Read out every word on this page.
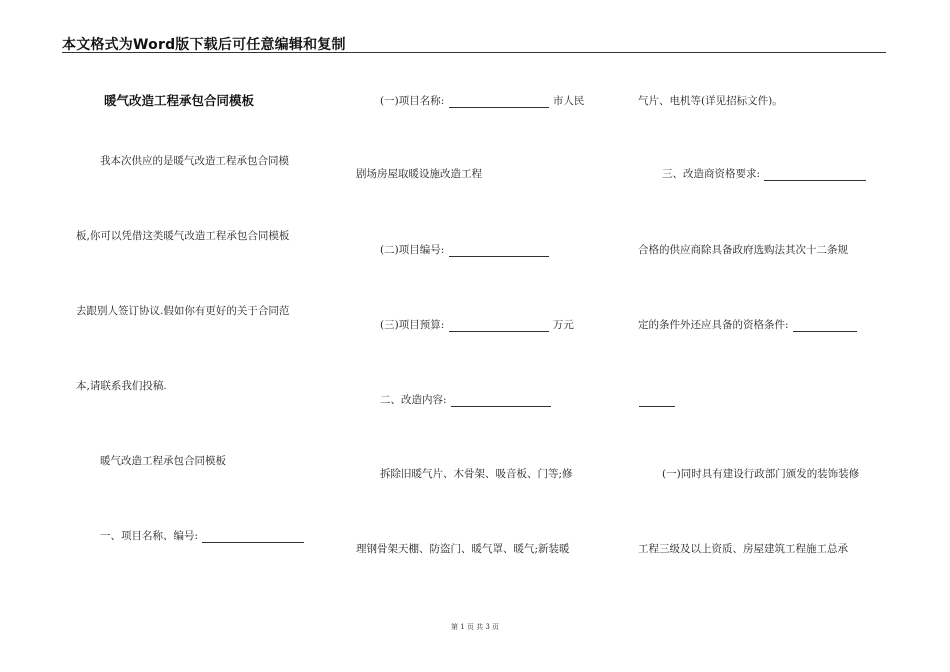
本文格式为Word版下载后可任意编辑和复制
暖气改造工程承包合同模板
我本次供应的是暖气改造工程承包合同模
板,你可以凭借这类暖气改造工程承包合同模板
去跟别人签订协议.假如你有更好的关于合同范
本,请联系我们投稿.
暖气改造工程承包合同模板
一、项目名称、编号:
(一)项目名称:	市人民
剧场房屋取暖设施改造工程
(二)项目编号:
(三)项目预算:	万元
二、改造内容:
拆除旧暖气片、木骨架、吸音板、门等;修
理钢骨架天棚、防盗门、暖气罩、暖气;新装暖
气片、电机等(详见招标文件)。
三、改造商资格要求:
合格的供应商除具备政府选购法其次十二条规
定的条件外还应具备的资格条件:
(一)同时具有建设行政部门颁发的装饰装修
工程三级及以上资质、房屋建筑工程施工总承
第 1 页 共 3 页
